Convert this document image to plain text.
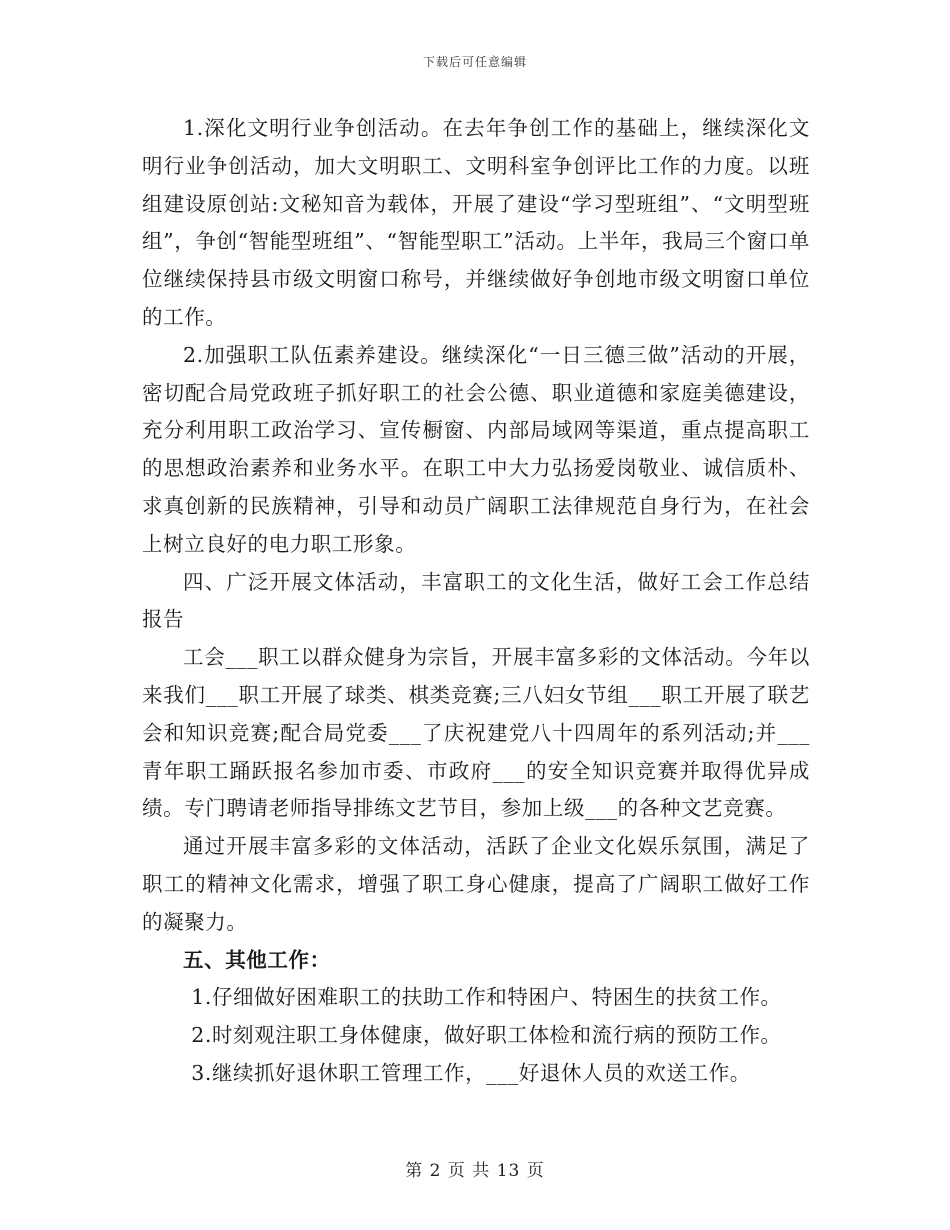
下载后可任意编辑

1.深化文明行业争创活动。在去年争创工作的基础上，继续深化文明行业争创活动，加大文明职工、文明科室争创评比工作的力度。以班组建设原创站:文秘知音为载体，开展了建设“学习型班组”、“文明型班组”，争创“智能型班组”、“智能型职工”活动。上半年，我局三个窗口单位继续保持县市级文明窗口称号，并继续做好争创地市级文明窗口单位的工作。

2.加强职工队伍素养建设。继续深化“一日三德三做”活动的开展，密切配合局党政班子抓好职工的社会公德、职业道德和家庭美德建设，充分利用职工政治学习、宣传橱窗、内部局域网等渠道，重点提高职工的思想政治素养和业务水平。在职工中大力弘扬爱岗敬业、诚信质朴、求真创新的民族精神，引导和动员广阔职工法律规范自身行为，在社会上树立良好的电力职工形象。

四、广泛开展文体活动，丰富职工的文化生活，做好工会工作总结报告

工会___职工以群众健身为宗旨，开展丰富多彩的文体活动。今年以来我们___职工开展了球类、棋类竞赛;三八妇女节组___职工开展了联艺会和知识竞赛;配合局党委___了庆祝建党八十四周年的系列活动;并___青年职工踊跃报名参加市委、市政府___的安全知识竞赛并取得优异成绩。专门聘请老师指导排练文艺节目，参加上级___的各种文艺竞赛。

通过开展丰富多彩的文体活动，活跃了企业文化娱乐氛围，满足了职工的精神文化需求，增强了职工身心健康，提高了广阔职工做好工作的凝聚力。

五、其他工作：

1.仔细做好困难职工的扶助工作和特困户、特困生的扶贫工作。

2.时刻观注职工身体健康，做好职工体检和流行病的预防工作。

3.继续抓好退休职工管理工作，___好退休人员的欢送工作。

第 2 页 共 13 页
